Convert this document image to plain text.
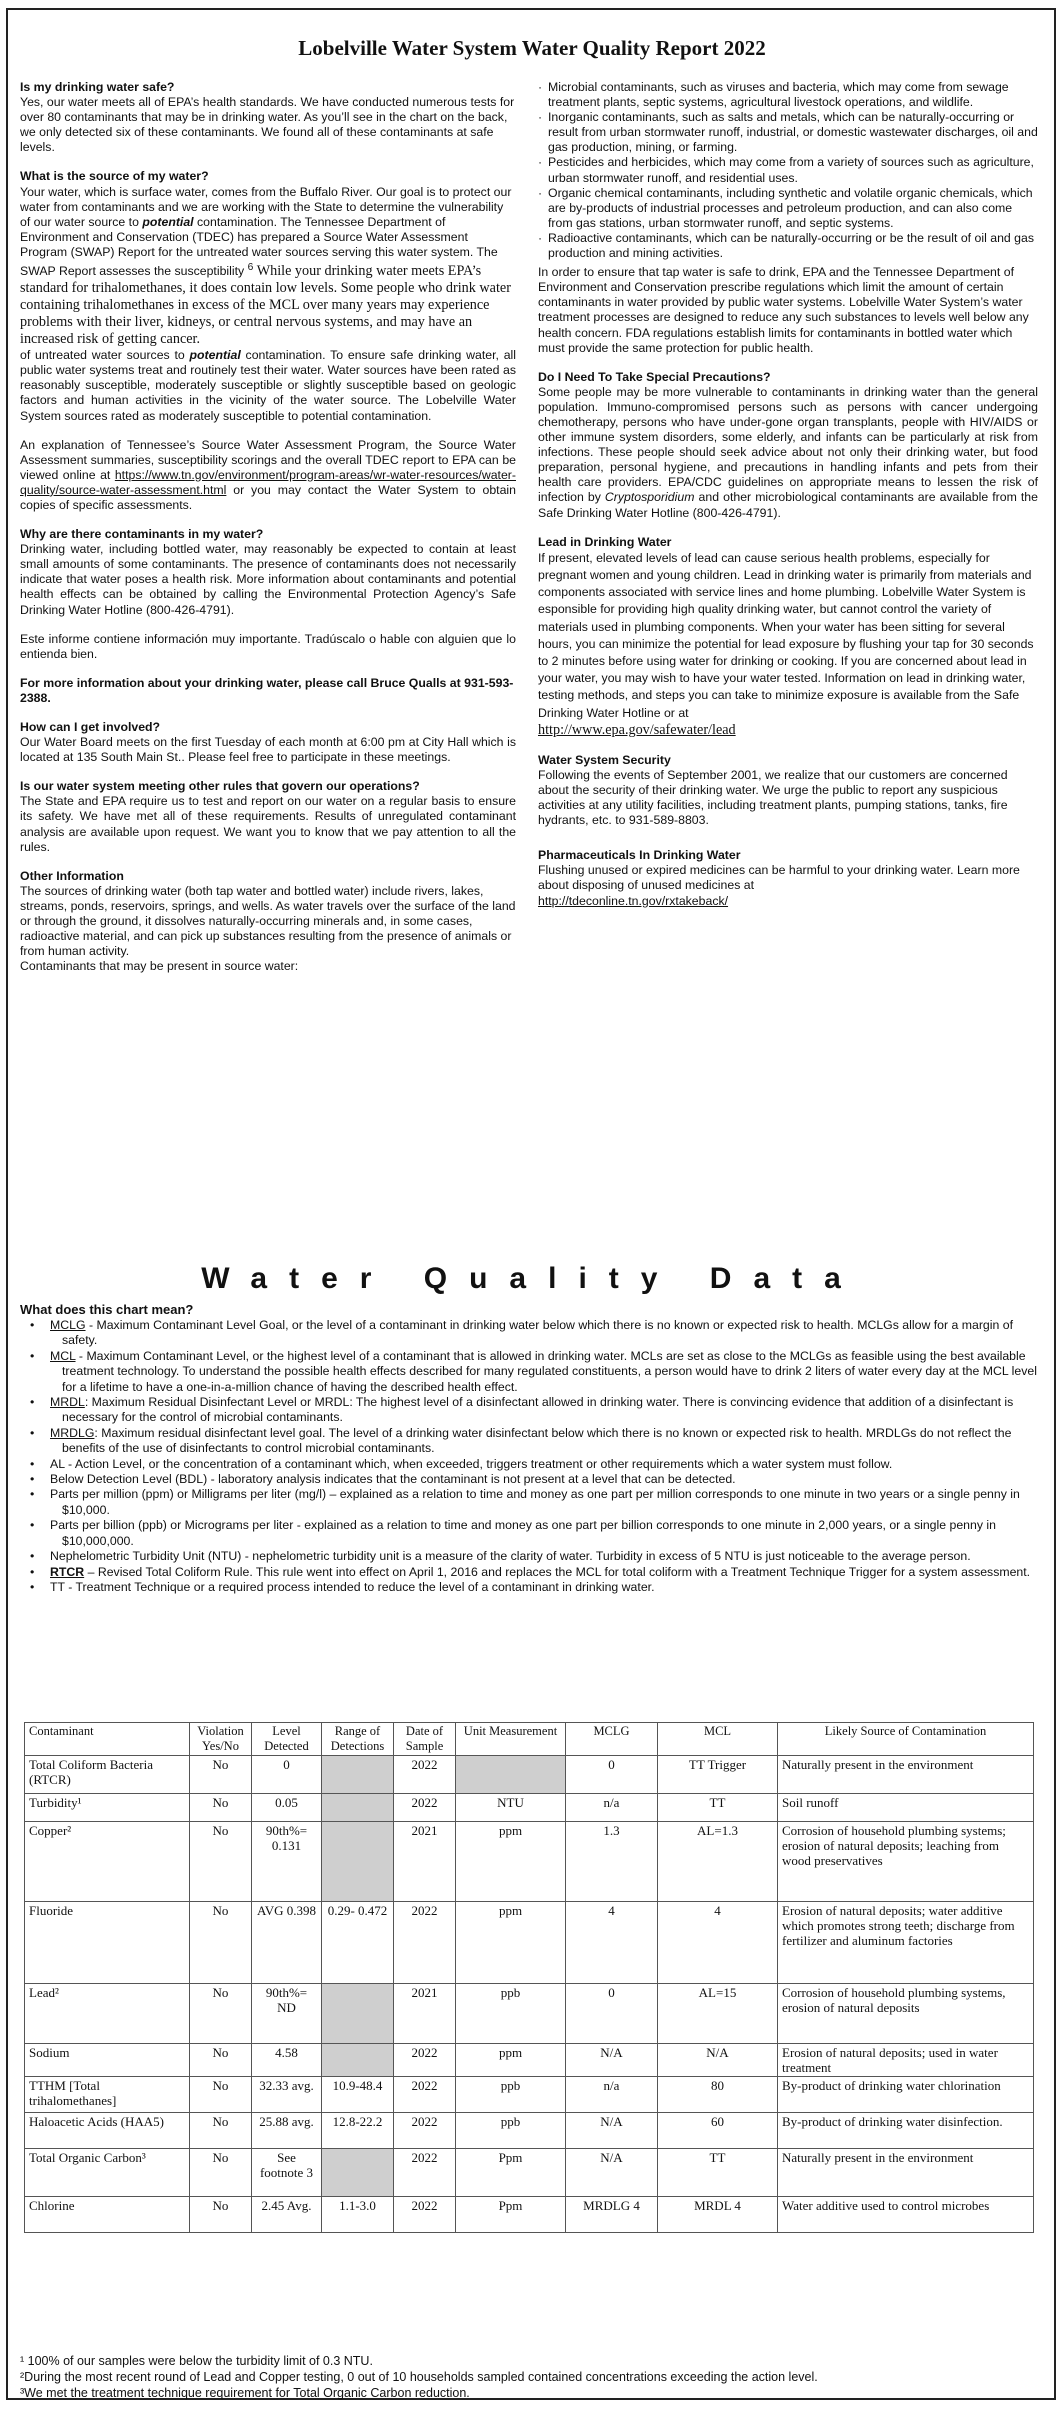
Lobelville Water System Water Quality Report 2022
Is my drinking water safe?

Yes, our water meets all of EPA’s health standards. We have conducted numerous tests for over 80 contaminants that may be in drinking water. As you’ll see in the chart on the back, we only detected six of these contaminants. We found all of these contaminants at safe levels.

What is the source of my water?
Your water, which is surface water, comes from the Buffalo River. Our goal is to protect our water from contaminants and we are working with the State to determine the vulnerability of our water source to potential contamination. The Tennessee Department of Environment and Conservation (TDEC) has prepared a Source Water Assessment Program (SWAP) Report for the untreated water sources serving this water system. The SWAP Report assesses the susceptibility $^6$ While your drinking water meets EPA’s standard for trihalomethanes, it does contain low levels. Some people who drink water containing trihalomethanes in excess of the MCL over many years may experience problems with their liver, kidneys, or central nervous systems, and may have an increased risk of getting cancer.

of untreated water sources to potential contamination. To ensure safe drinking water, all public water systems treat and routinely test their water. Water sources have been rated as reasonably susceptible, moderately susceptible or slightly susceptible based on geologic factors and human activities in the vicinity of the water source. The Lobelville Water System sources rated as moderately susceptible to potential contamination.

An explanation of Tennessee’s Source Water Assessment Program, the Source Water Assessment summaries, susceptibility scorings and the overall TDEC report to EPA can be viewed online at https://www.tn.gov/environment/program-areas/wr-water-resources/water-quality/source-water-assessment.html or you may contact the Water System to obtain copies of specific assessments.

Why are there contaminants in my water?

Drinking water, including bottled water, may reasonably be expected to contain at least small amounts of some contaminants. The presence of contaminants does not necessarily indicate that water poses a health risk. More information about contaminants and potential health effects can be obtained by calling the Environmental Protection Agency’s Safe Drinking Water Hotline (800-426-4791).

Este informe contiene información muy importante. Tradúscalo o hable con alguien que lo entienda bien.

For more information about your drinking water, please call Bruce Qualls at 931-593-2388.

How can I get involved?

Our Water Board meets on the first Tuesday of each month at 6:00 pm at City Hall which is located at 135 South Main St.. Please feel free to participate in these meetings.

Is our water system meeting other rules that govern our operations?

The State and EPA require us to test and report on our water on a regular basis to ensure its safety. We have met all of these requirements. Results of unregulated contaminant analysis are available upon request. We want you to know that we pay attention to all the rules.

Other Information
The sources of drinking water (both tap water and bottled water) include rivers, lakes, streams, ponds, reservoirs, springs, and wells. As water travels over the surface of the land or through the ground, it dissolves naturally-occurring minerals and, in some cases, radioactive material, and can pick up substances resulting from the presence of animals or from human activity.
Contaminants that may be present in source water:
· Microbial contaminants, such as viruses and bacteria, which may come from sewage treatment plants, septic systems, agricultural livestock operations, and wildlife.
· Inorganic contaminants, such as salts and metals, which can be naturally-occurring or result from urban stormwater runoff, industrial, or domestic wastewater discharges, oil and gas production, mining, or farming.
· Pesticides and herbicides, which may come from a variety of sources such as agriculture, urban stormwater runoff, and residential uses.
· Organic chemical contaminants, including synthetic and volatile organic chemicals, which are by-products of industrial processes and petroleum production, and can also come from gas stations, urban stormwater runoff, and septic systems.
· Radioactive contaminants, which can be naturally-occurring or be the result of oil and gas production and mining activities.

In order to ensure that tap water is safe to drink, EPA and the Tennessee Department of Environment and Conservation prescribe regulations which limit the amount of certain contaminants in water provided by public water systems. Lobelville Water System’s water treatment processes are designed to reduce any such substances to levels well below any health concern. FDA regulations establish limits for contaminants in bottled water which must provide the same protection for public health.

Do I Need To Take Special Precautions?

Some people may be more vulnerable to contaminants in drinking water than the general population. Immuno-compromised persons such as persons with cancer undergoing chemotherapy, persons who have under-gone organ transplants, people with HIV/AIDS or other immune system disorders, some elderly, and infants can be particularly at risk from infections. These people should seek advice about not only their drinking water, but food preparation, personal hygiene, and precautions in handling infants and pets from their health care providers. EPA/CDC guidelines on appropriate means to lessen the risk of infection by Cryptosporidium and other microbiological contaminants are available from the Safe Drinking Water Hotline (800-426-4791).

Lead in Drinking Water
If present, elevated levels of lead can cause serious health problems, especially for pregnant women and young children. Lead in drinking water is primarily from materials and components associated with service lines and home plumbing. Lobelville Water System is esponsible for providing high quality drinking water, but cannot control the variety of materials used in plumbing components. When your water has been sitting for several hours, you can minimize the potential for lead exposure by flushing your tap for 30 seconds to 2 minutes before using water for drinking or cooking. If you are concerned about lead in your water, you may wish to have your water tested. Information on lead in drinking water, testing methods, and steps you can take to minimize exposure is available from the Safe Drinking Water Hotline or at

http://www.epa.gov/safewater/lead

Water System Security

Following the events of September 2001, we realize that our customers are concerned about the security of their drinking water. We urge the public to report any suspicious activities at any utility facilities, including treatment plants, pumping stations, tanks, fire hydrants, etc. to 931-589-8803.

Pharmaceuticals In Drinking Water
Flushing unused or expired medicines can be harmful to your drinking water. Learn more about disposing of unused medicines at
http://tdeconline.tn.gov/rxtakeback/
Water Quality Data
What does this chart mean?
• MCLG - Maximum Contaminant Level Goal, or the level of a contaminant in drinking water below which there is no known or expected risk to health. MCLGs allow for a margin of safety.
• MCL - Maximum Contaminant Level, or the highest level of a contaminant that is allowed in drinking water. MCLs are set as close to the MCLGs as feasible using the best available treatment technology. To understand the possible health effects described for many regulated constituents, a person would have to drink 2 liters of water every day at the MCL level for a lifetime to have a one-in-a-million chance of having the described health effect.
• MRDL: Maximum Residual Disinfectant Level or MRDL: The highest level of a disinfectant allowed in drinking water. There is convincing evidence that addition of a disinfectant is necessary for the control of microbial contaminants.
• MRDLG: Maximum residual disinfectant level goal. The level of a drinking water disinfectant below which there is no known or expected risk to health. MRDLGs do not reflect the benefits of the use of disinfectants to control microbial contaminants.
• AL - Action Level, or the concentration of a contaminant which, when exceeded, triggers treatment or other requirements which a water system must follow.
• Below Detection Level (BDL) - laboratory analysis indicates that the contaminant is not present at a level that can be detected.
• Parts per million (ppm) or Milligrams per liter (mg/l) – explained as a relation to time and money as one part per million corresponds to one minute in two years or a single penny in $10,000.
• Parts per billion (ppb) or Micrograms per liter - explained as a relation to time and money as one part per billion corresponds to one minute in 2,000 years, or a single penny in $10,000,000.
• Nephelometric Turbidity Unit (NTU) - nephelometric turbidity unit is a measure of the clarity of water. Turbidity in excess of 5 NTU is just noticeable to the average person.
• RTCR – Revised Total Coliform Rule. This rule went into effect on April 1, 2016 and replaces the MCL for total coliform with a Treatment Technique Trigger for a system assessment.
• TT - Treatment Technique or a required process intended to reduce the level of a contaminant in drinking water.
Contaminant	Violation Yes/No	Level Detected	Range of Detections	Date of Sample	Unit Measurement	MCLG	MCL	Likely Source of Contamination
Total Coliform Bacteria (RTCR)	No	0		2022		0	TT Trigger	Naturally present in the environment
Turbidity¹	No	0.05		2022	NTU	n/a	TT	Soil runoff
Copper²	No	90th%= 0.131		2021	ppm	1.3	AL=1.3	Corrosion of household plumbing systems; erosion of natural deposits; leaching from wood preservatives
Fluoride	No	AVG 0.398	0.29- 0.472	2022	ppm	4	4	Erosion of natural deposits; water additive which promotes strong teeth; discharge from fertilizer and aluminum factories
Lead²	No	90th%= ND		2021	ppb	0	AL=15	Corrosion of household plumbing systems, erosion of natural deposits
Sodium	No	4.58		2022	ppm	N/A	N/A	Erosion of natural deposits; used in water treatment
TTHM [Total trihalomethanes]	No	32.33 avg.	10.9-48.4	2022	ppb	n/a	80	By-product of drinking water chlorination
Haloacetic Acids (HAA5)	No	25.88 avg.	12.8-22.2	2022	ppb	N/A	60	By-product of drinking water disinfection.
Total Organic Carbon³	No	See footnote 3		2022	Ppm	N/A	TT	Naturally present in the environment
Chlorine	No	2.45 Avg.	1.1-3.0	2022	Ppm	MRDLG 4	MRDL 4	Water additive used to control microbes
¹ 100% of our samples were below the turbidity limit of 0.3 NTU.
²During the most recent round of Lead and Copper testing, 0 out of 10 households sampled contained concentrations exceeding the action level.
³We met the treatment technique requirement for Total Organic Carbon reduction.
